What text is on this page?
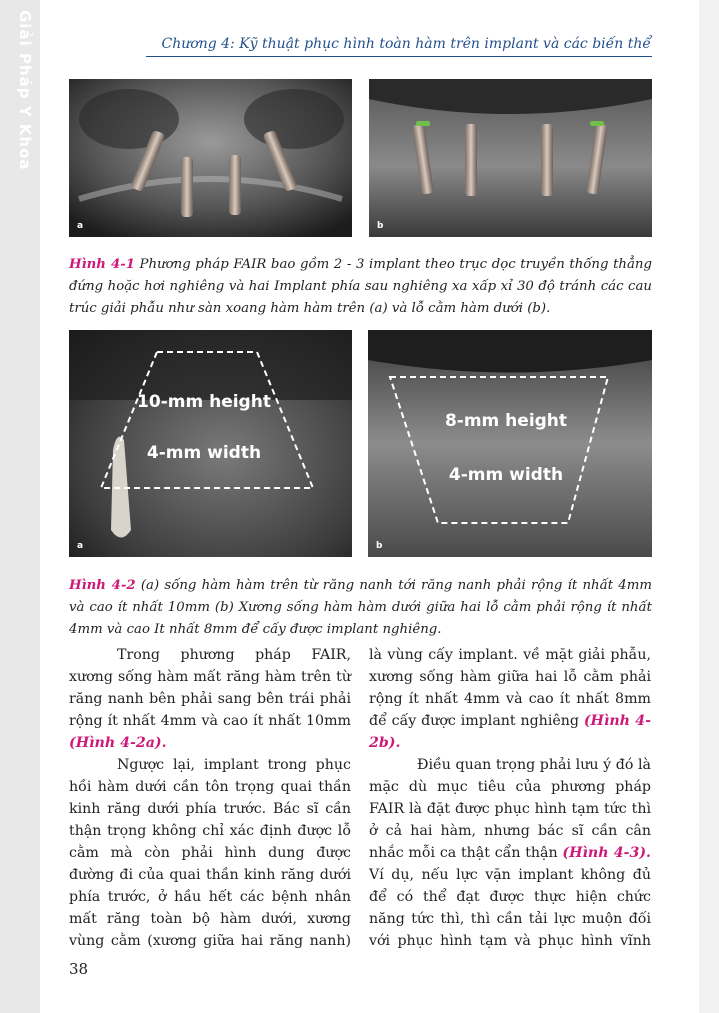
Giải Pháp Y Khoa	Chương 4: Kỹ thuật phục hình toàn hàm trên implant và các biến thể
a	b
Hình 4-1 Phương pháp FAIR bao gồm 2 - 3 implant theo trục dọc truyền thống thẳng đứng hoặc hơi nghiêng và hai Implant phía sau nghiêng xa xấp xỉ 30 độ tránh các cau trúc giải phẫu như sàn xoang hàm hàm trên (a) và lỗ cằm hàm dưới (b).
10-mm height
4-mm width
a
8-mm height
4-mm width
b
Hình 4-2 (a) sống hàm hàm trên từ răng nanh tới răng nanh phải rộng ít nhất 4mm và cao ít nhất 10mm (b) Xương sống hàm hàm dưới giữa hai lỗ cằm phải rộng ít nhất 4mm và cao It nhất 8mm để cấy được implant nghiêng.

Trong phương pháp FAIR, xương sống hàm mất răng hàm trên từ răng nanh bên phải sang bên trái phải rộng ít nhất 4mm và cao ít nhất 10mm (Hình 4-2a).

Ngược lại, implant trong phục hồi hàm dưới cần tôn trọng quai thần kinh răng dưới phía trước. Bác sĩ cần thận trọng không chỉ xác định được lỗ cằm mà còn phải hình dung được đường đi của quai thần kinh răng dưới phía trước, ở hầu hết các bệnh nhân mất răng toàn bộ hàm dưới, xương vùng cằm (xương giữa hai răng nanh)

là vùng cấy implant. về mặt giải phẫu, xương sống hàm giữa hai lỗ cằm phải rộng ít nhất 4mm và cao ít nhất 8mm để cấy được implant nghiêng (Hình 4-2b).

Điều quan trọng phải lưu ý đó là mặc dù mục tiêu của phương pháp FAIR là đặt được phục hình tạm tức thì ở cả hai hàm, nhưng bác sĩ cần cân nhắc mỗi ca thật cẩn thận (Hình 4-3). Ví dụ, nếu lực vặn implant không đủ để có thể đạt được thực hiện chức năng tức thì, thì cần tải lực muộn đối với phục hình tạm và phục hình vĩnh

38
